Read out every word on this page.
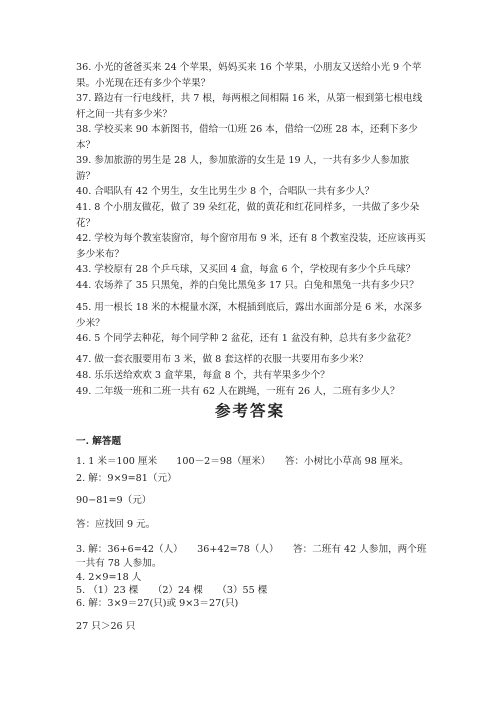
36. 小光的爸爸买来 24 个苹果，妈妈买来 16 个苹果，小朋友又送给小光 9 个苹果。小光现在还有多少个苹果？

37. 路边有一行电线杆，共 7 根，每两根之间相隔 16 米，从第一根到第七根电线杆之间一共有多少米？

38. 学校买来 90 本新图书，借给一⑴班 26 本，借给一⑵班 28 本，还剩下多少本？

39. 参加旅游的男生是 28 人，参加旅游的女生是 19 人，一共有多少人参加旅游？

40. 合唱队有 42 个男生，女生比男生少 8 个，合唱队一共有多少人？

41. 8 个小朋友做花，做了 39 朵红花，做的黄花和红花同样多，一共做了多少朵花？

42. 学校为每个教室装窗帘，每个窗帘用布 9 米，还有 8 个教室没装，还应该再买多少米布？

43. 学校原有 28 个乒乓球，又买回 4 盒，每盒 6 个，学校现有多少个乒乓球？

44. 农场养了 35 只黑兔，养的白兔比黑兔多 17 只。白兔和黑兔一共有多少只？

45. 用一根长 18 米的木棍量水深，木棍插到底后，露出水面部分是 6 米，水深多少米？

46. 5 个同学去种花，每个同学种 2 盆花，还有 1 盆没有种，总共有多少盆花？

47. 做一套衣服要用布 3 米，做 8 套这样的衣服一共要用布多少米？

48. 乐乐送给欢欢 3 盒苹果，每盒 8 个，共有苹果多少个？

49. 二年级一班和二班一共有 62 人在跳绳，一班有 26 人，二班有多少人？

参考答案
一. 解答题

1. 1 米＝100 厘米　　100－2＝98（厘米）　　答：小树比小草高 98 厘米。

2. 解：9×9=81（元）

90−81=9（元）

答：应找回 9 元。

3. 解：36+6=42（人）　　36+42=78（人）　　答：二班有 42 人参加，两个班一共有 78 人参加。

4. 2×9=18 人

5. （1）23 棵　　（2）24 棵　　（3）55 棵

6. 解：3×9＝27(只)或 9×3＝27(只)

27 只＞26 只
